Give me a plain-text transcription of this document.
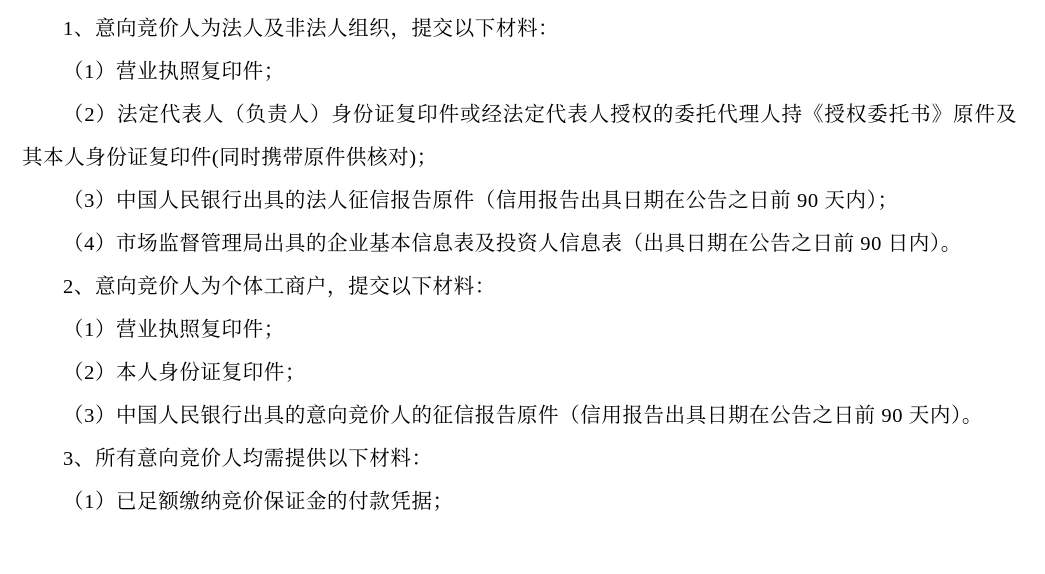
1、意向竞价人为法人及非法人组织，提交以下材料：

（1）营业执照复印件；

（2）法定代表人（负责人）身份证复印件或经法定代表人授权的委托代理人持《授权委托书》原件及其本人身份证复印件(同时携带原件供核对)；

（3）中国人民银行出具的法人征信报告原件（信用报告出具日期在公告之日前 90 天内）；

（4）市场监督管理局出具的企业基本信息表及投资人信息表（出具日期在公告之日前 90 日内）。

2、意向竞价人为个体工商户，提交以下材料：

（1）营业执照复印件；

（2）本人身份证复印件；

（3）中国人民银行出具的意向竞价人的征信报告原件（信用报告出具日期在公告之日前 90 天内）。

3、所有意向竞价人均需提供以下材料：

（1）已足额缴纳竞价保证金的付款凭据；
